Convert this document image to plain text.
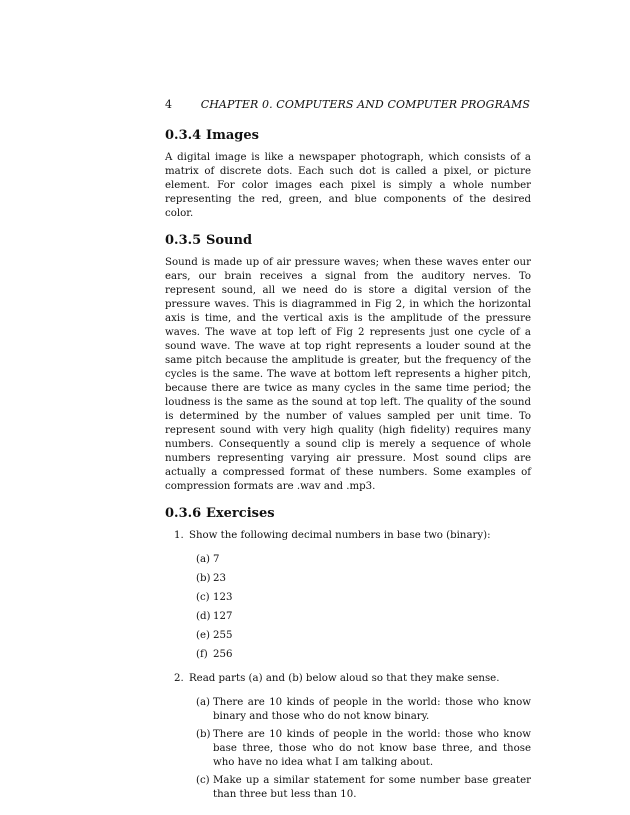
4	CHAPTER 0. COMPUTERS AND COMPUTER PROGRAMS
0.3.4 Images

A digital image is like a newspaper photograph, which consists of a matrix of discrete dots. Each such dot is called a pixel, or picture element. For color images each pixel is simply a whole number representing the red, green, and blue components of the desired color.

0.3.5 Sound

Sound is made up of air pressure waves; when these waves enter our ears, our brain receives a signal from the auditory nerves. To represent sound, all we need do is store a digital version of the pressure waves. This is diagrammed in Fig 2, in which the horizontal axis is time, and the vertical axis is the amplitude of the pressure waves. The wave at top left of Fig 2 represents just one cycle of a sound wave. The wave at top right represents a louder sound at the same pitch because the amplitude is greater, but the frequency of the cycles is the same. The wave at bottom left represents a higher pitch, because there are twice as many cycles in the same time period; the loudness is the same as the sound at top left. The quality of the sound is determined by the number of values sampled per unit time. To represent sound with very high quality (high fidelity) requires many numbers. Consequently a sound clip is merely a sequence of whole numbers representing varying air pressure. Most sound clips are actually a compressed format of these numbers. Some examples of compression formats are .wav and .mp3.

0.3.6 Exercises
1. Show the following decimal numbers in base two (binary):
(a) 7
(b) 23
(c) 123
(d) 127
(e) 255
(f) 256
2. Read parts (a) and (b) below aloud so that they make sense.
(a) There are 10 kinds of people in the world: those who know binary and those who do not know binary.
(b) There are 10 kinds of people in the world: those who know base three, those who do not know base three, and those who have no idea what I am talking about.
(c) Make up a similar statement for some number base greater than three but less than 10.
